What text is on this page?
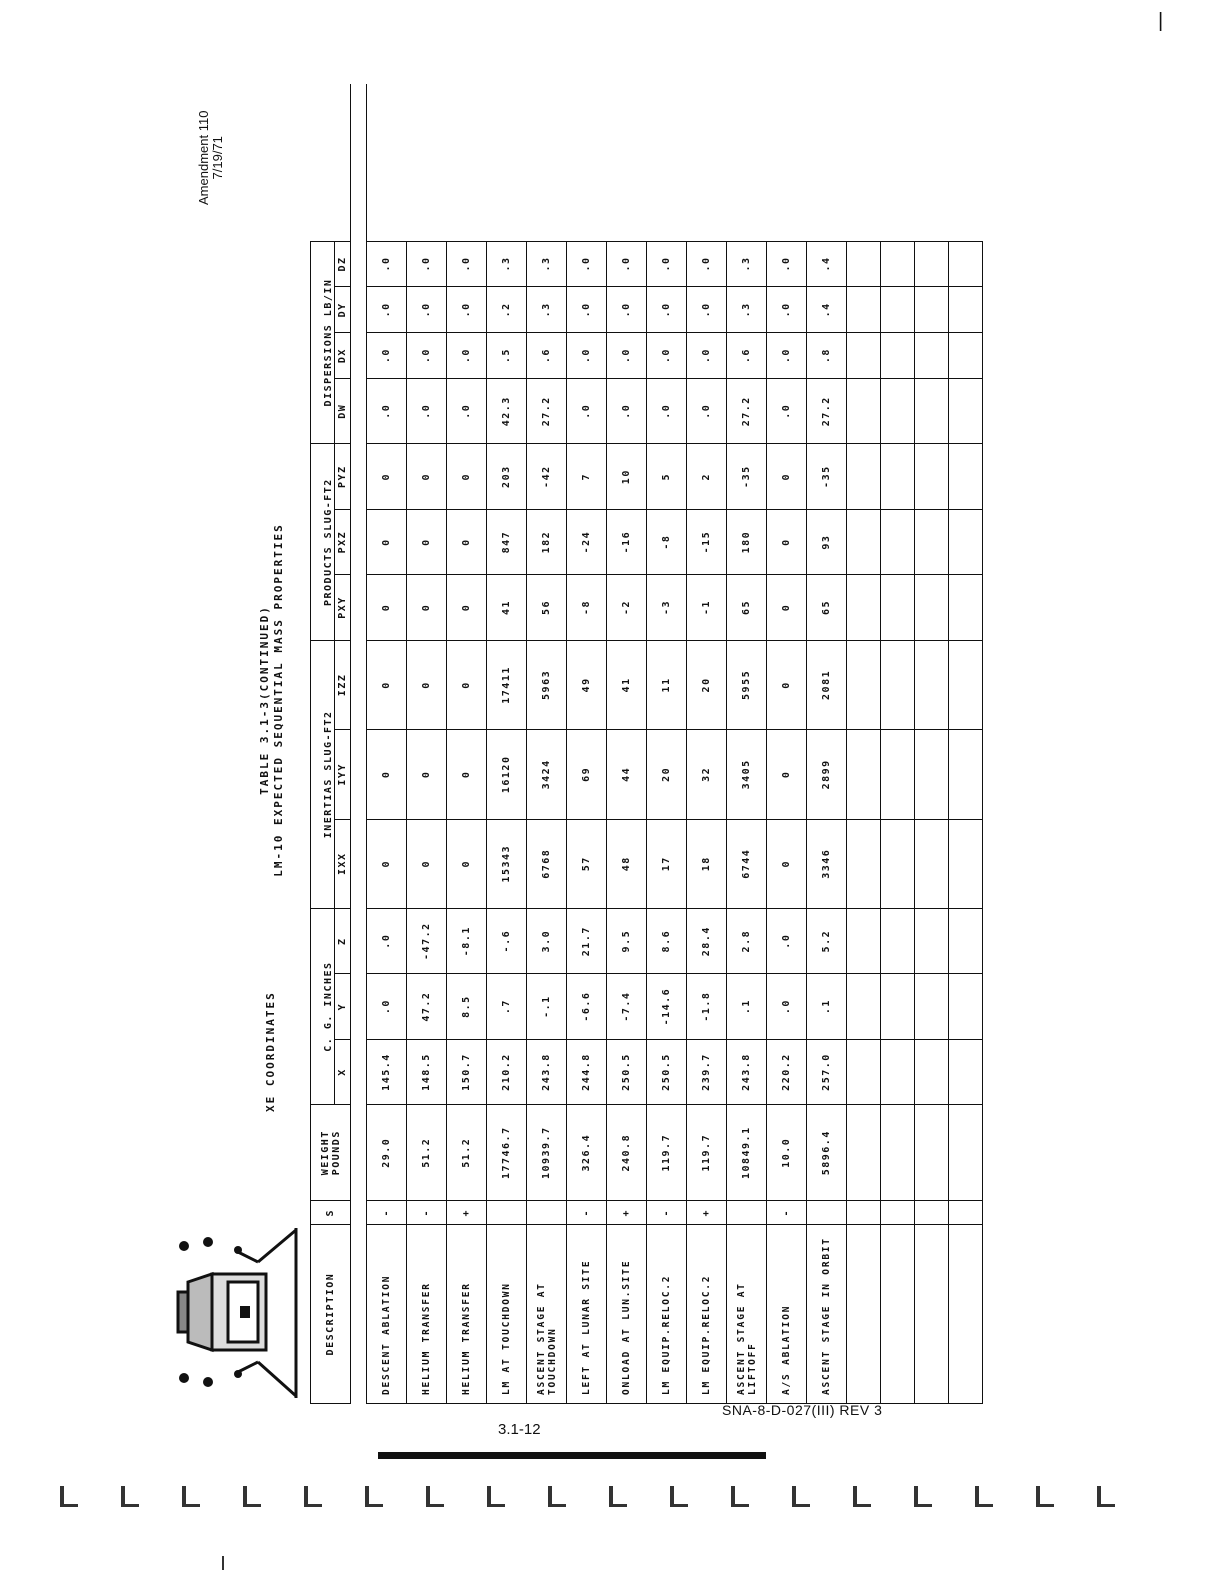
|
Amendment 110 7/19/71
TABLE 3.1-3(CONTINUED) LM-10 EXPECTED SEQUENTIAL MASS PROPERTIES
XE COORDINATES
DESCRIPTION	S	WEIGHT POUNDS	C. G. INCHES			INERTIAS SLUG-FT2			PRODUCTS SLUG-FT2			DISPERSIONS LB/IN			
			X	Y	Z	IXX	IYY	IZZ	PXY	PXZ	PYZ	DW	DX	DY	DZ

DESCENT ABLATION	-	29.0	145.4	.0	.0	0	0	0	0	0	0	.0	.0	.0	.0
HELIUM TRANSFER	-	51.2	148.5	47.2	-47.2	0	0	0	0	0	0	.0	.0	.0	.0
HELIUM TRANSFER	+	51.2	150.7	8.5	-8.1	0	0	0	0	0	0	.0	.0	.0	.0
LM AT TOUCHDOWN		17746.7	210.2	.7	-.6	15343	16120	17411	41	847	203	42.3	.5	.2	.3
ASCENT STAGE AT TOUCHDOWN		10939.7	243.8	-.1	3.0	6768	3424	5963	56	182	-42	27.2	.6	.3	.3
LEFT AT LUNAR SITE	-	326.4	244.8	-6.6	21.7	57	69	49	-8	-24	7	.0	.0	.0	.0
ONLOAD AT LUN.SITE	+	240.8	250.5	-7.4	9.5	48	44	41	-2	-16	10	.0	.0	.0	.0
LM EQUIP.RELOC.2	-	119.7	250.5	-14.6	8.6	17	20	11	-3	-8	5	.0	.0	.0	.0
LM EQUIP.RELOC.2	+	119.7	239.7	-1.8	28.4	18	32	20	-1	-15	2	.0	.0	.0	.0
ASCENT STAGE AT LIFTOFF		10849.1	243.8	.1	2.8	6744	3405	5955	65	180	-35	27.2	.6	.3	.3
A/S ABLATION	-	10.0	220.2	.0	.0	0	0	0	0	0	0	.0	.0	.0	.0
ASCENT STAGE IN ORBIT		5896.4	257.0	.1	5.2	3346	2899	2081	65	93	-35	27.2	.8	.4	.4

3.1-12
SNA-8-D-027(III) REV 3
